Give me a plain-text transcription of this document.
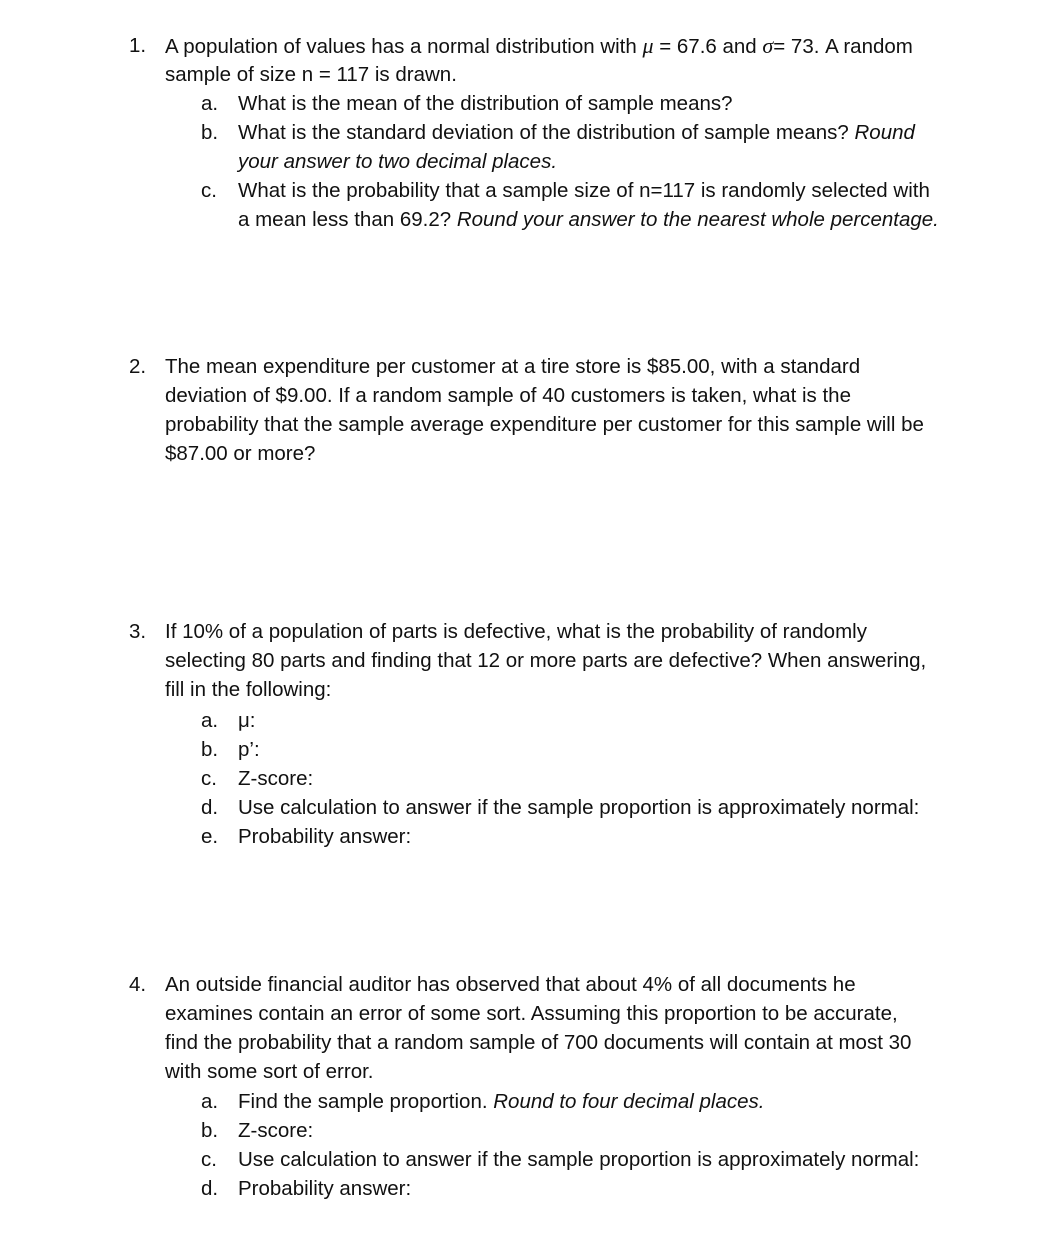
1. A population of values has a normal distribution with μ = 67.6 and σ= 73. A random
sample of size n = 117 is drawn.
a. What is the mean of the distribution of sample means?
b. What is the standard deviation of the distribution of sample means? Round
your answer to two decimal places.
c. What is the probability that a sample size of n=117 is randomly selected with
a mean less than 69.2? Round your answer to the nearest whole percentage.
2. The mean expenditure per customer at a tire store is $85.00, with a standard
deviation of $9.00. If a random sample of 40 customers is taken, what is the
probability that the sample average expenditure per customer for this sample will be
$87.00 or more?
3. If 10% of a population of parts is defective, what is the probability of randomly
selecting 80 parts and finding that 12 or more parts are defective? When answering,
fill in the following:
a. μ:
b. p’:
c. Z-score:
d. Use calculation to answer if the sample proportion is approximately normal:
e. Probability answer:
4. An outside financial auditor has observed that about 4% of all documents he
examines contain an error of some sort. Assuming this proportion to be accurate,
find the probability that a random sample of 700 documents will contain at most 30
with some sort of error.
a. Find the sample proportion. Round to four decimal places.
b. Z-score:
c. Use calculation to answer if the sample proportion is approximately normal:
d. Probability answer:
